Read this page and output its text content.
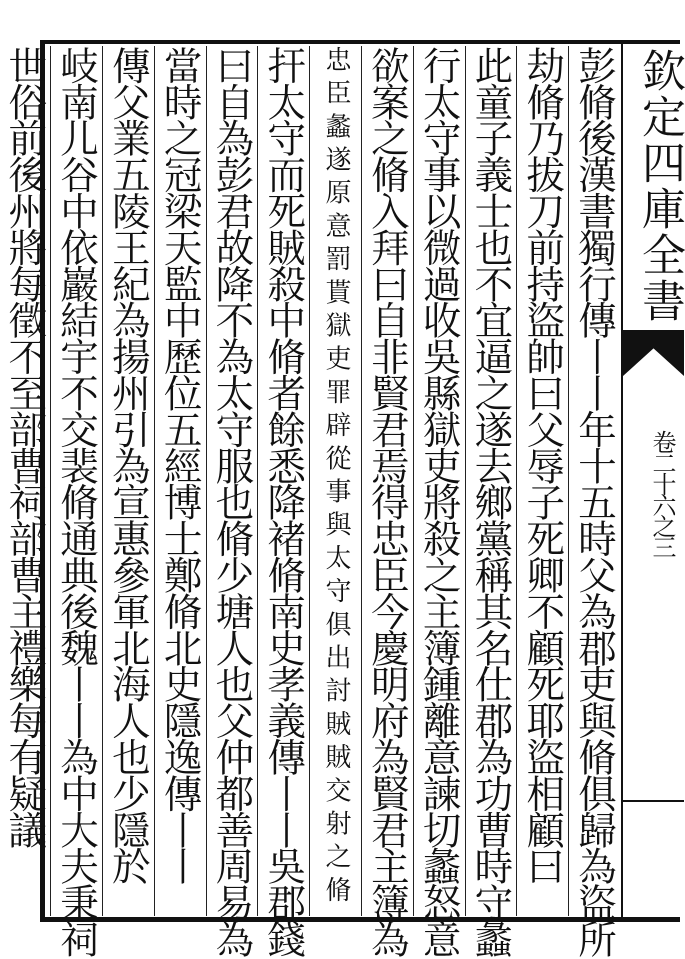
欽定四庫全書
卷二十六之三
彭脩後漢書獨行傳丨丨年十五時父為郡吏與脩俱歸為盜所
劫脩乃拔刀前持盜帥曰父辱子死卿不顧死耶盜相顧曰
此童子義士也不宜逼之遂去鄉黨稱其名仕郡為功曹時守蠡
行太守事以微過收吳縣獄吏將殺之主簿鍾離意諫切蠡怒意
欲案之脩入拜曰自非賢君焉得忠臣今慶明府為賢君主簿為
忠臣蠡遂原意罰貰獄吏罪辟從事與太守俱出討賊賊交射之脩
扞太守而死賊殺中脩者餘悉降褚脩南史孝義傳丨丨吳郡錢
曰自為彭君故降不為太守服也脩少塘人也父仲都善周易為
當時之冠梁天監中歷位五經博士鄭脩北史隱逸傳丨丨
傳父業五陵王紀為揚州引為宣惠參軍北海人也少隱於
岐南儿谷中依巖結宇不交裴脩通典後魏丨丨為中大夫秉祠
世俗前後州將每徵不至部曹祠部曹主禮樂每有疑議
